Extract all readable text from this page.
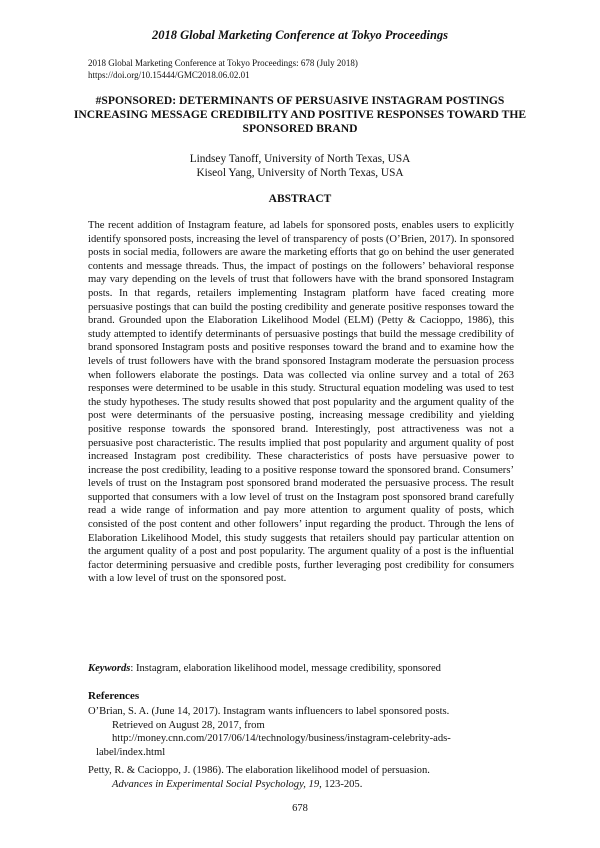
2018 Global Marketing Conference at Tokyo Proceedings
2018 Global Marketing Conference at Tokyo Proceedings: 678 (July 2018)
https://doi.org/10.15444/GMC2018.06.02.01
#SPONSORED: DETERMINANTS OF PERSUASIVE INSTAGRAM POSTINGS INCREASING MESSAGE CREDIBILITY AND POSITIVE RESPONSES TOWARD THE SPONSORED BRAND
Lindsey Tanoff, University of North Texas, USA
Kiseol Yang, University of North Texas, USA
ABSTRACT
The recent addition of Instagram feature, ad labels for sponsored posts, enables users to explicitly identify sponsored posts, increasing the level of transparency of posts (O’Brien, 2017). In sponsored posts in social media, followers are aware the marketing efforts that go on behind the user generated contents and message threads. Thus, the impact of postings on the followers’ behavioral response may vary depending on the levels of trust that followers have with the brand sponsored Instagram posts. In that regards, retailers implementing Instagram platform have faced creating more persuasive postings that can build the posting credibility and generate positive responses toward the brand. Grounded upon the Elaboration Likelihood Model (ELM) (Petty & Cacioppo, 1986), this study attempted to identify determinants of persuasive postings that build the message credibility of brand sponsored Instagram posts and positive responses toward the brand and to examine how the levels of trust followers have with the brand sponsored Instagram moderate the persuasion process when followers elaborate the postings. Data was collected via online survey and a total of 263 responses were determined to be usable in this study. Structural equation modeling was used to test the study hypotheses. The study results showed that post popularity and the argument quality of the post were determinants of the persuasive posting, increasing message credibility and yielding positive response towards the sponsored brand. Interestingly, post attractiveness was not a persuasive post characteristic. The results implied that post popularity and argument quality of post increased Instagram post credibility. These characteristics of posts have persuasive power to increase the post credibility, leading to a positive response toward the sponsored brand. Consumers’ levels of trust on the Instagram post sponsored brand moderated the persuasive process. The result supported that consumers with a low level of trust on the Instagram post sponsored brand carefully read a wide range of information and pay more attention to argument quality of posts, which consisted of the post content and other followers’ input regarding the product. Through the lens of Elaboration Likelihood Model, this study suggests that retailers should pay particular attention on the argument quality of a post and post popularity. The argument quality of a post is the influential factor determining persuasive and credible posts, further leveraging post credibility for consumers with a low level of trust on the sponsored post.
Keywords: Instagram, elaboration likelihood model, message credibility, sponsored
References
O’Brian, S. A. (June 14, 2017). Instagram wants influencers to label sponsored posts.
Retrieved on August 28, 2017, from
http://money.cnn.com/2017/06/14/technology/business/instagram-celebrity-ads-
label/index.html
Petty, R. & Cacioppo, J. (1986). The elaboration likelihood model of persuasion.
Advances in Experimental Social Psychology, 19, 123-205.
678
